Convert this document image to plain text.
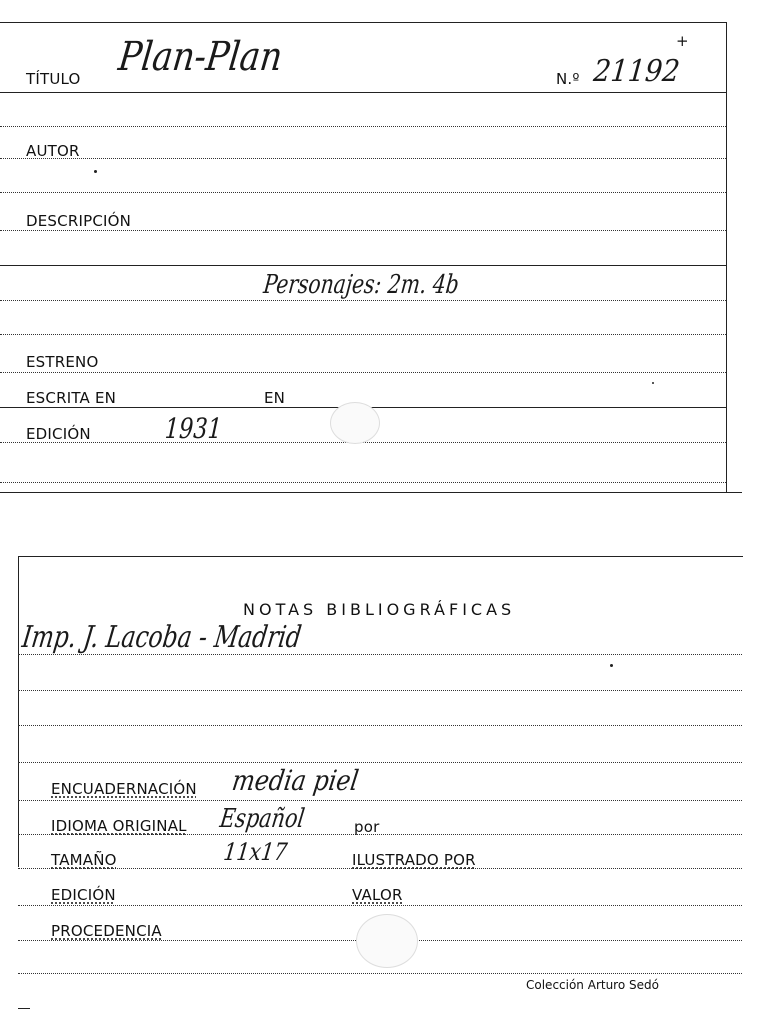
TÍTULO Plan-Plan	N.º 21192
+
AUTOR
DESCRIPCIÓN
Personajes: 2m. 4b
ESTRENO
ESCRITA EN	EN
EDICIÓN	1931
NOTAS BIBLIOGRÁFICAS
Imp. J. Lacoba - Madrid
ENCUADERNACIÓN media piel
IDIOMA ORIGINAL Español	por
TAMAÑO	11x17	ILUSTRADO POR
EDICIÓN	VALOR
PROCEDENCIA
Colección Arturo Sedó
